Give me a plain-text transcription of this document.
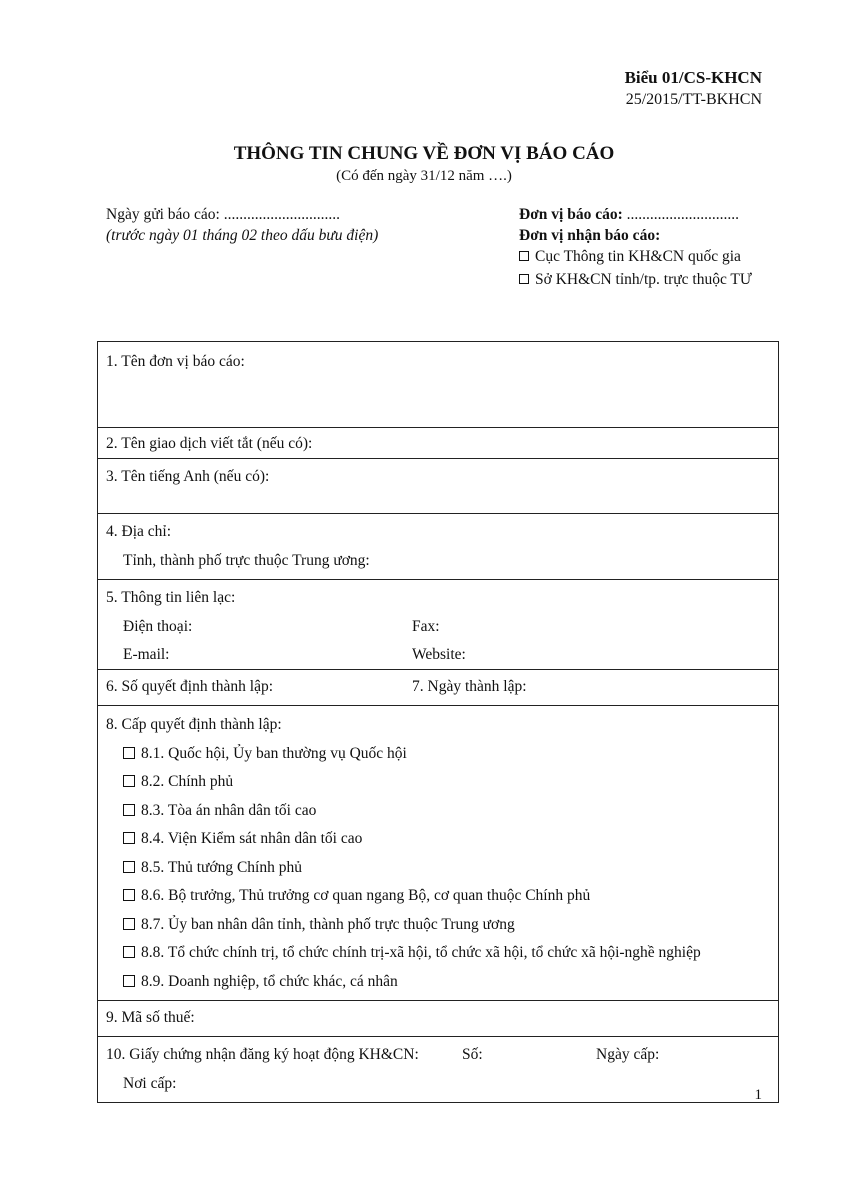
Biểu 01/CS-KHCN
25/2015/TT-BKHCN
THÔNG TIN CHUNG VỀ ĐƠN VỊ BÁO CÁO
(Có đến ngày 31/12 năm ….)
Ngày gửi báo cáo: ..............................
(trước ngày 01 tháng 02 theo dấu bưu điện)
Đơn vị báo cáo: .............................
Đơn vị nhận báo cáo:
Cục Thông tin KH&CN quốc gia
Sở KH&CN tỉnh/tp. trực thuộc TƯ
1. Tên đơn vị báo cáo:

2. Tên giao dịch viết tắt (nếu có):

3. Tên tiếng Anh (nếu có):

4. Địa chỉ:
Tỉnh, thành phố trực thuộc Trung ương:

5. Thông tin liên lạc:
Điện thoại:	Fax:
E-mail:	Website:

6. Số quyết định thành lập:	7. Ngày thành lập:

8. Cấp quyết định thành lập:
8.1. Quốc hội, Ủy ban thường vụ Quốc hội
8.2. Chính phủ
8.3. Tòa án nhân dân tối cao
8.4. Viện Kiểm sát nhân dân tối cao
8.5. Thủ tướng Chính phủ
8.6. Bộ trưởng, Thủ trưởng cơ quan ngang Bộ, cơ quan thuộc Chính phủ
8.7. Ủy ban nhân dân tỉnh, thành phố trực thuộc Trung ương
8.8. Tổ chức chính trị, tổ chức chính trị-xã hội, tổ chức xã hội, tổ chức xã hội-nghề nghiệp
8.9. Doanh nghiệp, tổ chức khác, cá nhân

9. Mã số thuế:

10. Giấy chứng nhận đăng ký hoạt động KH&CN:	Số:	Ngày cấp:
Nơi cấp:
1
